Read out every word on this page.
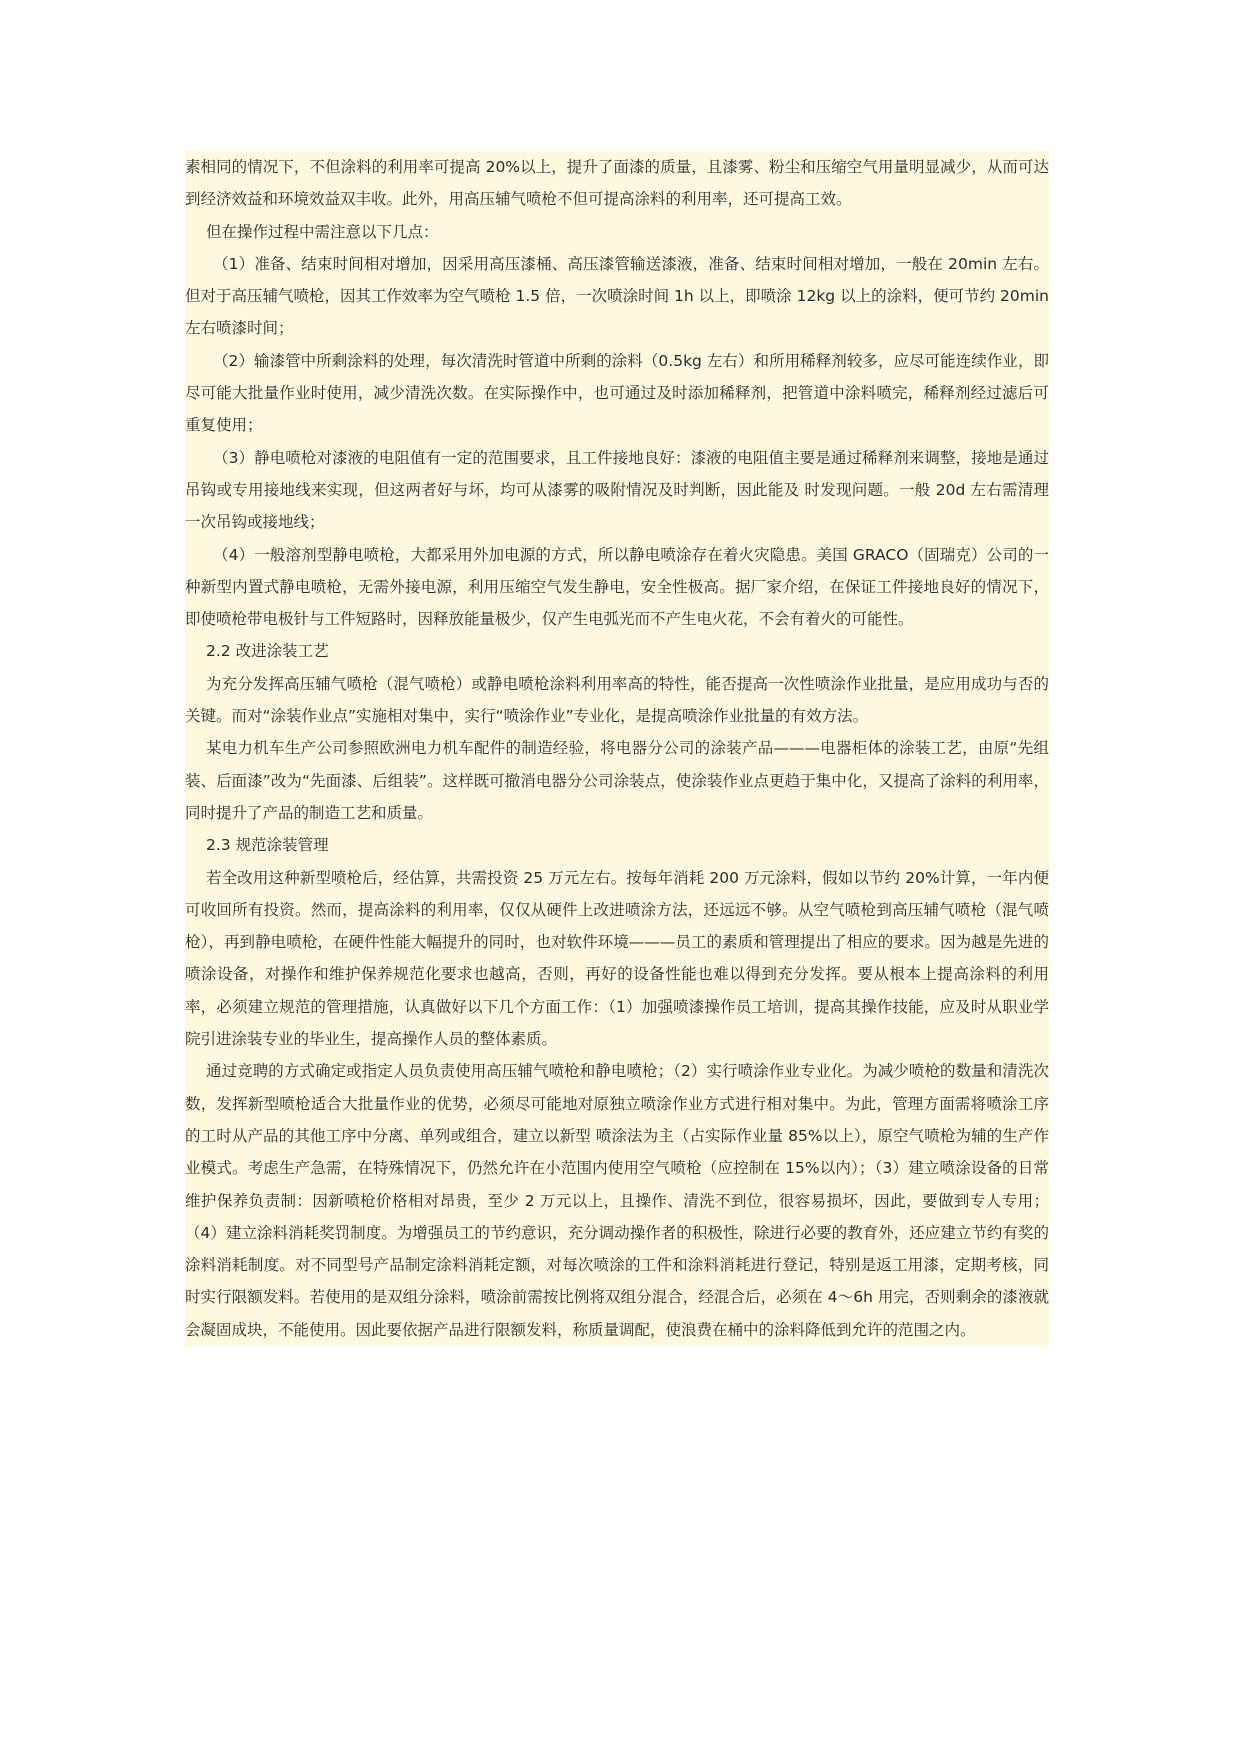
素相同的情况下，不但涂料的利用率可提高 20%以上，提升了面漆的质量，且漆雾、粉尘和压缩空气用量明显减少，从而可达到经济效益和环境效益双丰收。此外，用高压辅气喷枪不但可提高涂料的利用率，还可提高工效。

但在操作过程中需注意以下几点：

（1）准备、结束时间相对增加，因采用高压漆桶、高压漆管输送漆液，准备、结束时间相对增加，一般在 20min 左右。但对于高压辅气喷枪，因其工作效率为空气喷枪 1.5 倍，一次喷涂时间 1h 以上，即喷涂 12kg 以上的涂料，便可节约 20min 左右喷漆时间；

（2）输漆管中所剩涂料的处理，每次清洗时管道中所剩的涂料（0.5kg 左右）和所用稀释剂较多，应尽可能连续作业，即尽可能大批量作业时使用，减少清洗次数。在实际操作中，也可通过及时添加稀释剂，把管道中涂料喷完，稀释剂经过滤后可重复使用；

（3）静电喷枪对漆液的电阻值有一定的范围要求，且工件接地良好：漆液的电阻值主要是通过稀释剂来调整，接地是通过吊钩或专用接地线来实现，但这两者好与坏，均可从漆雾的吸附情况及时判断，因此能及 时发现问题。一般 20d 左右需清理一次吊钩或接地线；

（4）一般溶剂型静电喷枪，大都采用外加电源的方式，所以静电喷涂存在着火灾隐患。美国 GRACO（固瑞克）公司的一种新型内置式静电喷枪，无需外接电源，利用压缩空气发生静电，安全性极高。据厂家介绍，在保证工件接地良好的情况下，即使喷枪带电极针与工件短路时，因释放能量极少，仅产生电弧光而不产生电火花，不会有着火的可能性。

2.2 改进涂装工艺

为充分发挥高压辅气喷枪（混气喷枪）或静电喷枪涂料利用率高的特性，能否提高一次性喷涂作业批量，是应用成功与否的关键。而对“涂装作业点”实施相对集中，实行“喷涂作业”专业化，是提高喷涂作业批量的有效方法。

某电力机车生产公司参照欧洲电力机车配件的制造经验，将电器分公司的涂装产品———电器柜体的涂装工艺，由原“先组装、后面漆”改为“先面漆、后组装”。这样既可撤消电器分公司涂装点，使涂装作业点更趋于集中化，又提高了涂料的利用率，同时提升了产品的制造工艺和质量。

2.3 规范涂装管理

若全改用这种新型喷枪后，经估算，共需投资 25 万元左右。按每年消耗 200 万元涂料，假如以节约 20%计算，一年内便可收回所有投资。然而，提高涂料的利用率，仅仅从硬件上改进喷涂方法，还远远不够。从空气喷枪到高压辅气喷枪（混气喷枪），再到静电喷枪，在硬件性能大幅提升的同时，也对软件环境———员工的素质和管理提出了相应的要求。因为越是先进的喷涂设备，对操作和维护保养规范化要求也越高，否则，再好的设备性能也难以得到充分发挥。要从根本上提高涂料的利用率，必须建立规范的管理措施，认真做好以下几个方面工作：（1）加强喷漆操作员工培训，提高其操作技能，应及时从职业学院引进涂装专业的毕业生，提高操作人员的整体素质。

通过竞聘的方式确定或指定人员负责使用高压辅气喷枪和静电喷枪；（2）实行喷涂作业专业化。为减少喷枪的数量和清洗次数，发挥新型喷枪适合大批量作业的优势，必须尽可能地对原独立喷涂作业方式进行相对集中。为此，管理方面需将喷涂工序的工时从产品的其他工序中分离、单列或组合，建立以新型 喷涂法为主（占实际作业量 85%以上），原空气喷枪为辅的生产作业模式。考虑生产急需，在特殊情况下，仍然允许在小范围内使用空气喷枪（应控制在 15%以内）；（3）建立喷涂设备的日常维护保养负责制：因新喷枪价格相对昂贵，至少 2 万元以上，且操作、清洗不到位，很容易损坏，因此，要做到专人专用；（4）建立涂料消耗奖罚制度。为增强员工的节约意识，充分调动操作者的积极性，除进行必要的教育外，还应建立节约有奖的涂料消耗制度。对不同型号产品制定涂料消耗定额，对每次喷涂的工件和涂料消耗进行登记，特别是返工用漆，定期考核，同时实行限额发料。若使用的是双组分涂料，喷涂前需按比例将双组分混合，经混合后，必须在 4～6h 用完，否则剩余的漆液就会凝固成块，不能使用。因此要依据产品进行限额发料，称质量调配，使浪费在桶中的涂料降低到允许的范围之内。
